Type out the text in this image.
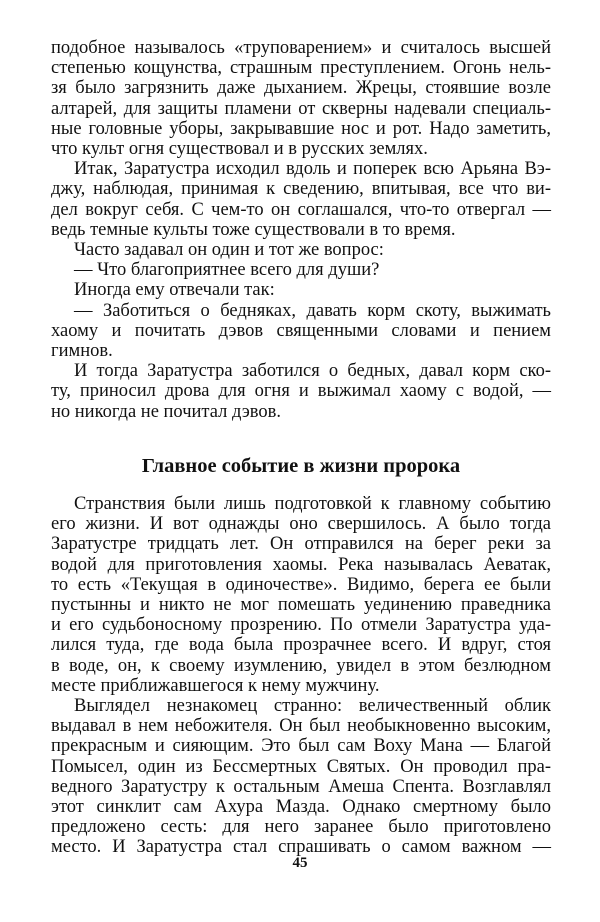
подобное называлось «труповарением» и считалось высшей
степенью кощунства, страшным преступлением. Огонь нель-
зя было загрязнить даже дыханием. Жрецы, стоявшие возле
алтарей, для защиты пламени от скверны надевали специаль-
ные головные уборы, закрывавшие нос и рот. Надо заметить,
что культ огня существовал и в русских землях.

Итак, Заратустра исходил вдоль и поперек всю Арьяна Вэ-
джу, наблюдая, принимая к сведению, впитывая, все что ви-
дел вокруг себя. С чем-то он соглашался, что-то отвергал —
ведь темные культы тоже существовали в то время.

Часто задавал он один и тот же вопрос:

— Что благоприятнее всего для души?

Иногда ему отвечали так:

— Заботиться о бедняках, давать корм скоту, выжимать
хаому и почитать дэвов священными словами и пением
гимнов.

И тогда Заратустра заботился о бедных, давал корм ско-
ту, приносил дрова для огня и выжимал хаому с водой, —
но никогда не почитал дэвов.

Главное событие в жизни пророка

Странствия были лишь подготовкой к главному событию
его жизни. И вот однажды оно свершилось. А было тогда
Заратустре тридцать лет. Он отправился на берег реки за
водой для приготовления хаомы. Река называлась Аеватак,
то есть «Текущая в одиночестве». Видимо, берега ее были
пустынны и никто не мог помешать уединению праведника
и его судьбоносному прозрению. По отмели Заратустра уда-
лился туда, где вода была прозрачнее всего. И вдруг, стоя
в воде, он, к своему изумлению, увидел в этом безлюдном
месте приближавшегося к нему мужчину.

Выглядел незнакомец странно: величественный облик
выдавал в нем небожителя. Он был необыкновенно высоким,
прекрасным и сияющим. Это был сам Воху Мана — Благой
Помысел, один из Бессмертных Святых. Он проводил пра-
ведного Заратустру к остальным Амеша Спента. Возглавлял
этот синклит сам Ахура Мазда. Однако смертному было
предложено сесть: для него заранее было приготовлено
место. И Заратустра стал спрашивать о самом важном —

45
